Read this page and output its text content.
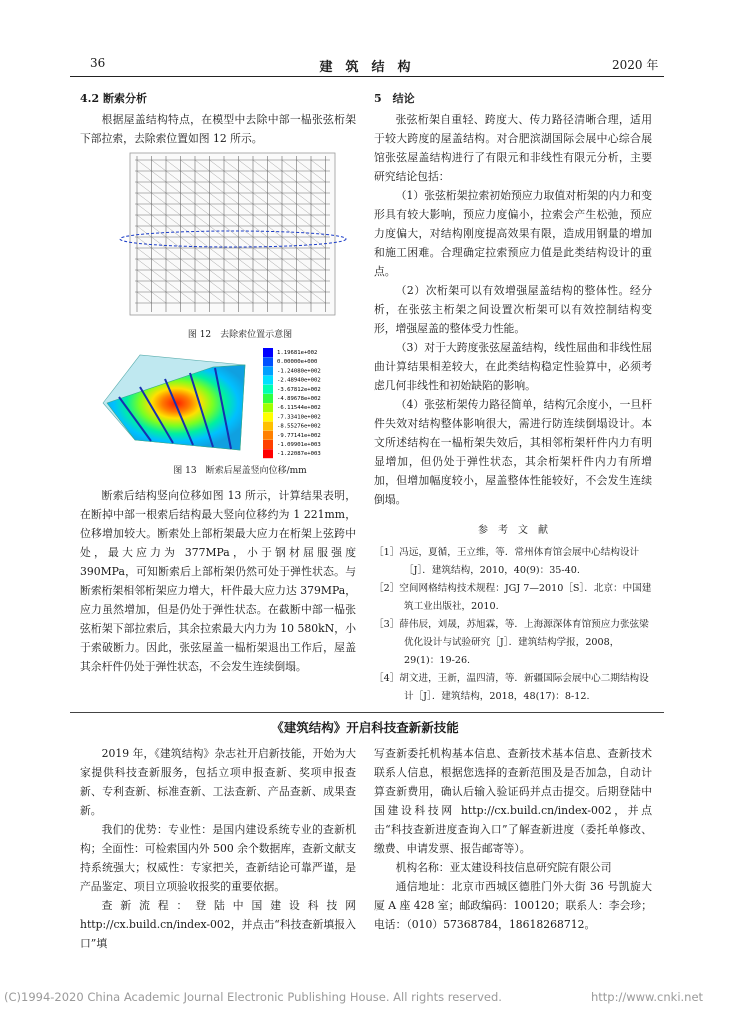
36	建　筑　结　构	2020 年

4.2 断索分析

根据屋盖结构特点，在模型中去除中部一榀张弦桁架下部拉索，去除索位置如图 12 所示。

图 12　去除索位置示意图
1.19681e+002
0.00000e+000
-1.24080e+002
-2.48940e+002
-3.67812e+002
-4.89678e+002
-6.11544e+002
-7.33410e+002
-8.55276e+002
-9.77141e+002
-1.09901e+003
-1.22087e+003
图 13　断索后屋盖竖向位移/mm

断索后结构竖向位移如图 13 所示，计算结果表明，在断掉中部一根索后结构最大竖向位移约为 1 221mm，位移增加较大。断索处上部桁架最大应力在桁架上弦跨中处，最大应力为 377MPa，小于钢材屈服强度 390MPa，可知断索后上部桁架仍然可处于弹性状态。与断索桁架相邻桁架应力增大，杆件最大应力达 379MPa，应力虽然增加，但是仍处于弹性状态。在截断中部一榀张弦桁架下部拉索后，其余拉索最大内力为 10 580kN，小于索破断力。因此，张弦屋盖一榀桁架退出工作后，屋盖其余杆件仍处于弹性状态，不会发生连续倒塌。

5　结论

张弦桁架自重轻、跨度大、传力路径清晰合理，适用于较大跨度的屋盖结构。对合肥滨湖国际会展中心综合展馆张弦屋盖结构进行了有限元和非线性有限元分析，主要研究结论包括：

（1）张弦桁架拉索初始预应力取值对桁架的内力和变形具有较大影响，预应力度偏小，拉索会产生松弛，预应力度偏大，对结构刚度提高效果有限，造成用钢量的增加和施工困难。合理确定拉索预应力值是此类结构设计的重点。

（2）次桁架可以有效增强屋盖结构的整体性。经分析，在张弦主桁架之间设置次桁架可以有效控制结构变形，增强屋盖的整体受力性能。

（3）对于大跨度张弦屋盖结构，线性屈曲和非线性屈曲计算结果相差较大，在此类结构稳定性验算中，必须考虑几何非线性和初始缺陷的影响。

（4）张弦桁架传力路径简单，结构冗余度小，一旦杆件失效对结构整体影响很大，需进行防连续倒塌设计。本文所述结构在一榀桁架失效后，其相邻桁架杆件内力有明显增加，但仍处于弹性状态，其余桁架杆件内力有所增加，但增加幅度较小，屋盖整体性能较好，不会发生连续倒塌。

参　考　文　献

［1］冯远，夏循，王立维，等．常州体育馆会展中心结构设计［J］．建筑结构，2010，40(9)：35-40.
［2］空间网格结构技术规程：JGJ 7—2010［S］．北京：中国建筑工业出版社，2010.
［3］薛伟辰，刘晟，苏旭霖，等．上海源深体育馆预应力张弦梁优化设计与试验研究［J］．建筑结构学报，2008，29(1)：19-26.
［4］胡文进，王新，温四清，等．新疆国际会展中心二期结构设计［J］．建筑结构，2018，48(17)：8-12.

《建筑结构》开启科技查新新技能

2019 年，《建筑结构》杂志社开启新技能，开始为大家提供科技查新服务，包括立项申报查新、奖项申报查新、专利查新、标准查新、工法查新、产品查新、成果查新。

我们的优势：专业性：是国内建设系统专业的查新机构；全面性：可检索国内外 500 余个数据库，查新文献支持系统强大；权威性：专家把关，查新结论可靠严谨，是产品鉴定、项目立项验收报奖的重要依据。

查新流程：登陆中国建设科技网 http://cx.build.cn/index-002，并点击“科技查新填报入口”填

写查新委托机构基本信息、查新技术基本信息、查新技术联系人信息，根据您选择的查新范围及是否加急，自动计算查新费用，确认后输入验证码并点击提交。后期登陆中国建设科技网 http://cx.build.cn/index-002，并点击“科技查新进度查询入口”了解查新进度（委托单修改、缴费、申请发票、报告邮寄等）。

机构名称：亚太建设科技信息研究院有限公司

通信地址：北京市西城区德胜门外大街 36 号凯旋大厦 A 座 428 室；邮政编码：100120；联系人：李会珍；电话：（010）57368784，18618268712。

(C)1994-2020 China Academic Journal Electronic Publishing House. All rights reserved.	http://www.cnki.net
